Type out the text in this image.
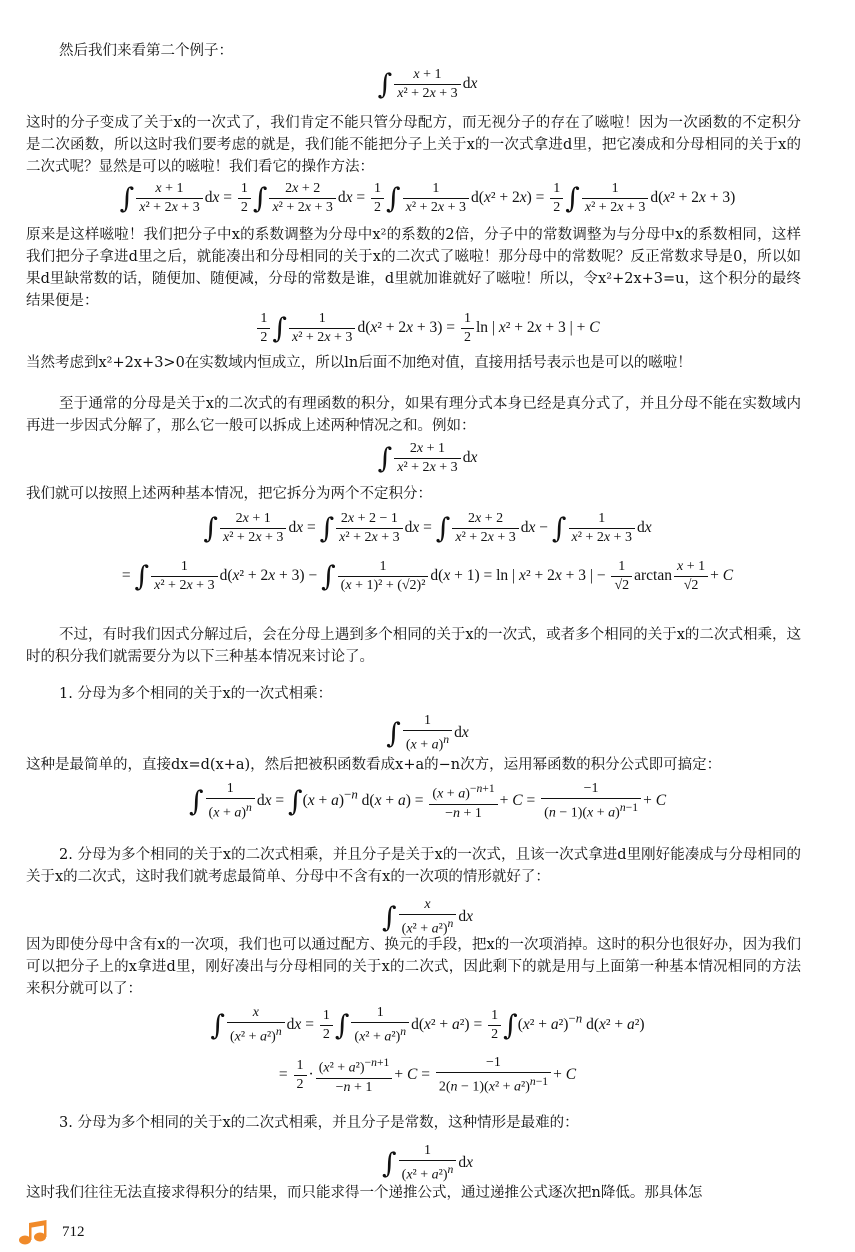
然后我们来看第二个例子：

∫ $\frac{x + 1}{\text{x² + 2x + 3}}$ dx

这时的分子变成了关于x的一次式了，我们肯定不能只管分母配方，而无视分子的存在了嗞啦！因为一次函数的不定积分是二次函数，所以这时我们要考虑的就是，我们能不能把分子上关于x的一次式拿进d里，把它凑成和分母相同的关于x的二次式呢？显然是可以的嗞啦！我们看它的操作方法：

∫ $\frac{x + 1}{\text{x² + 2x + 3}}$ dx = $\frac{1}{2}$ ∫ $\frac{2x + 2}{\text{x² + 2x + 3}}$ dx = $\frac{1}{2}$ ∫ $\frac{1}{\text{x² + 2x + 3}} d(x^2 + 2x) = \frac{1}{2}$ ∫ $\frac{1}{\text{x² + 2x + 3}} d(x^2 + 2x + 3)$

原来是这样嗞啦！我们把分子中x的系数调整为分母中x²的系数的2倍，分子中的常数调整为与分母中x的系数相同，这样我们把分子拿进d里之后，就能凑出和分母相同的关于x的二次式了嗞啦！那分母中的常数呢？反正常数求导是0，所以如果d里缺常数的话，随便加、随便减，分母的常数是谁，d里就加谁就好了嗞啦！所以，令x²+2x+3=u，这个积分的最终结果便是：

$\frac{1}{2}$ ∫ $\frac{1}{\text{x² + 2x + 3}} d(x^2 + 2x + 3) = \frac{1}{2}$ ln | x² + 2x + 3 | + C

当然考虑到x²+2x+3>0在实数域内恒成立，所以ln后面不加绝对值，直接用括号表示也是可以的嗞啦！

至于通常的分母是关于x的二次式的有理函数的积分，如果有理分式本身已经是真分式了，并且分母不能在实数域内再进一步因式分解了，那么它一般可以拆成上述两种情况之和。例如：

∫ $\frac{2x + 1}{\text{x² + 2x + 3}}$ dx

我们就可以按照上述两种基本情况，把它拆分为两个不定积分：

∫ $\frac{2x + 1}{\text{x² + 2x + 3}}$ dx = ∫ $\frac{2x + 2 - 1}{\text{x² + 2x + 3}}$ dx = ∫ $\frac{2x + 2}{\text{x² + 2x + 3}}$ dx − ∫ $\frac{1}{\text{x² + 2x + 3}}$ dx
= ∫ $\frac{1}{\text{x² + 2x + 3}} d(x^2 + 2x + 3)$ − ∫ $\frac{1}{\text{(x + 1)² + (√2)²}} d(x + 1) = \ln$ | x² + 2x + 3 | − $\frac{1}{√2}$ $\arctan \frac{x + 1}{√2} + C$

不过，有时我们因式分解过后，会在分母上遇到多个相同的关于x的一次式，或者多个相同的关于x的二次式相乘，这时的积分我们就需要分为以下三种基本情况来讨论了。

1. 分母为多个相同的关于x的一次式相乘：

∫ $\frac{1}{(x + a)^n}$ dx

这种是最简单的，直接dx=d(x+a)，然后把被积函数看成x+a的−n次方，运用幂函数的积分公式即可搞定：

∫ $\frac{1}{(x + a)^n}$ dx = $\int(x + a)^{-n}$ $d(x + a) = \frac{(x + a)^{-n+1}}{-n + 1} + C = \frac{-1}{(n - 1)(x + a)^{n-1}} + C$

2. 分母为多个相同的关于x的二次式相乘，并且分子是关于x的一次式，且该一次式拿进d里刚好能凑成与分母相同的关于x的二次式，这时我们就考虑最简单、分母中不含有x的一次项的情形就好了：

∫ $\frac{x}{(x^2 + a^2)^n}$ dx

因为即使分母中含有x的一次项，我们也可以通过配方、换元的手段，把x的一次项消掉。这时的积分也很好办，因为我们可以把分子上的x拿进d里，刚好凑出与分母相同的关于x的二次式，因此剩下的就是用与上面第一种基本情况相同的方法来积分就可以了：

∫ $\frac{x}{(x^2 + a^2)^n}$ dx = $\frac{1}{2}$ ∫ $\frac{1}{(x^2 + a^2)^n} d(x^2 + a^2) = \frac{1}{2} \int(x^2 + a^2)^{-n}$ d(x² + a²)
= $\frac{1}{2} \cdot \frac{(x^2 + a^2)^{-n+1}}{-n + 1} + C = \frac{-1}{2(n - 1)(x^2 + a^2)^{n-1}} + C$

3. 分母为多个相同的关于x的二次式相乘，并且分子是常数，这种情形是最难的：

∫ $\frac{1}{(x^2 + a^2)^n}$ dx

这时我们往往无法直接求得积分的结果，而只能求得一个递推公式，通过递推公式逐次把n降低。那具体怎

712
